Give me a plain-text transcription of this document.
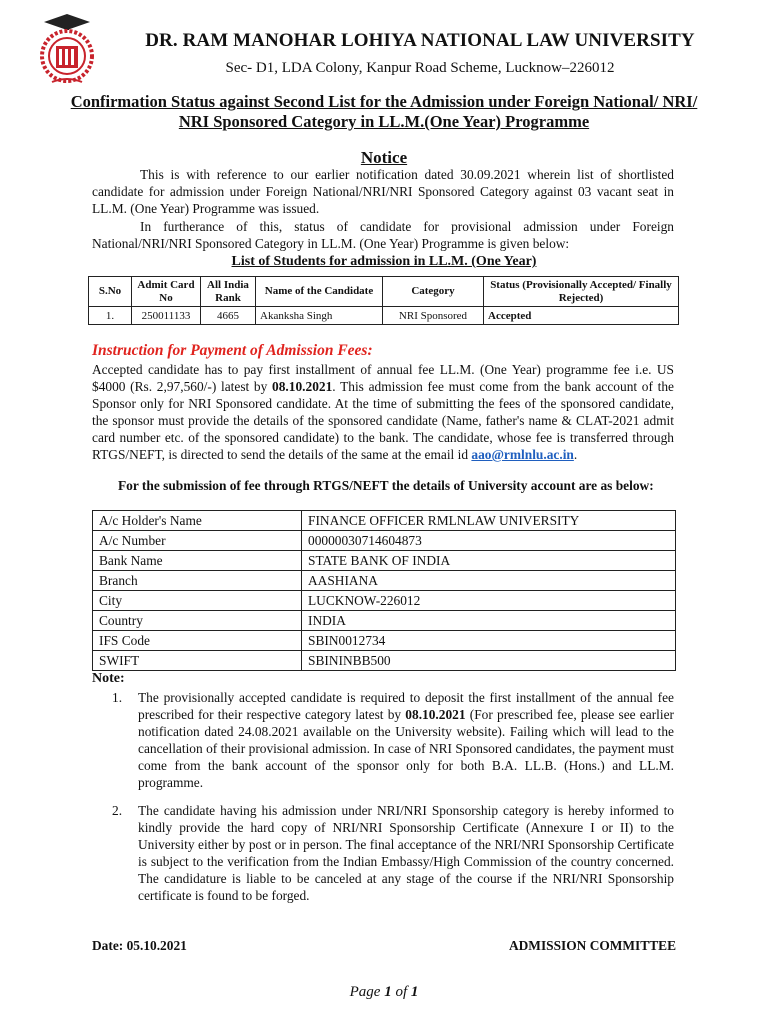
DR. RAM MANOHAR LOHIYA NATIONAL LAW UNIVERSITY

Sec- D1, LDA Colony, Kanpur Road Scheme, Lucknow–226012

Confirmation Status against Second List for the Admission under Foreign National/ NRI/ NRI Sponsored Category in LL.M.(One Year) Programme
Notice

This is with reference to our earlier notification dated 30.09.2021 wherein list of shortlisted candidate for admission under Foreign National/NRI/NRI Sponsored Category against 03 vacant seat in LL.M. (One Year) Programme was issued.

In furtherance of this, status of candidate for provisional admission under Foreign National/NRI/NRI Sponsored Category in LL.M. (One Year) Programme is given below:

List of Students for admission in LL.M. (One Year)
S.No	Admit Card No	All India Rank	Name of the Candidate	Category	Status (Provisionally Accepted/ Finally Rejected)
1.	250011133	4665	Akanksha Singh	NRI Sponsored	Accepted
Instruction for Payment of Admission Fees:

Accepted candidate has to pay first installment of annual fee LL.M. (One Year) programme fee i.e. US $4000 (Rs. 2,97,560/-) latest by 08.10.2021. This admission fee must come from the bank account of the Sponsor only for NRI Sponsored candidate. At the time of submitting the fees of the sponsored candidate, the sponsor must provide the details of the sponsored candidate (Name, father's name & CLAT-2021 admit card number etc. of the sponsored candidate) to the bank. The candidate, whose fee is transferred through RTGS/NEFT, is directed to send the details of the same at the email id aao@rmlnlu.ac.in.

For the submission of fee through RTGS/NEFT the details of University account are as below:

A/c Holder's Name	FINANCE OFFICER RMLNLAW UNIVERSITY
A/c Number	00000030714604873
Bank Name	STATE BANK OF INDIA
Branch	AASHIANA
City	LUCKNOW-226012
Country	INDIA
IFS Code	SBIN0012734
SWIFT	SBININBB500

Note:

1.	The provisionally accepted candidate is required to deposit the first installment of the annual fee prescribed for their respective category latest by 08.10.2021 (For prescribed fee, please see earlier notification dated 24.08.2021 available on the University website). Failing which will lead to the cancellation of their provisional admission. In case of NRI Sponsored candidates, the payment must come from the bank account of the sponsor only for both B.A. LL.B. (Hons.) and LL.M. programme.
2.	The candidate having his admission under NRI/NRI Sponsorship category is hereby informed to kindly provide the hard copy of NRI/NRI Sponsorship Certificate (Annexure I or II) to the University either by post or in person. The final acceptance of the NRI/NRI Sponsorship Certificate is subject to the verification from the Indian Embassy/High Commission of the country concerned. The candidature is liable to be canceled at any stage of the course if the NRI/NRI Sponsorship certificate is found to be forged.

Date: 05.10.2021	ADMISSION COMMITTEE

Page 1 of 1
